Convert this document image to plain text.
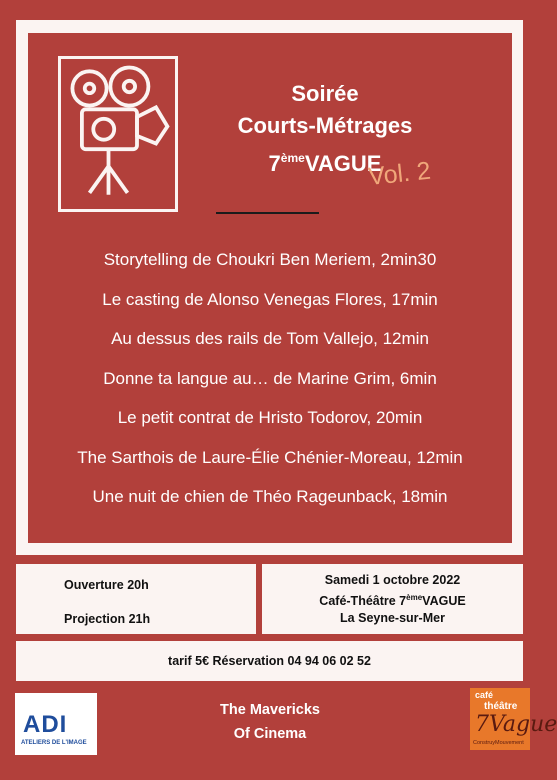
Soirée
Courts-Métrages
7èmeVAGUE
Vol. 2
Storytelling de Choukri Ben Meriem, 2min30
Le casting de Alonso Venegas Flores, 17min
Au dessus des rails de Tom Vallejo, 12min
Donne ta langue au… de Marine Grim, 6min
Le petit contrat de Hristo Todorov, 20min
The Sarthois de Laure-Élie Chénier-Moreau, 12min
Une nuit de chien de Théo Rageunback, 18min
Ouverture 20h
Projection 21h
Samedi 1 octobre 2022
Café-Théâtre 7èmeVAGUE
La Seyne-sur-Mer
tarif 5€ Réservation 04 94 06 02 52
ADI
ATELIERS DE L'IMAGE
The Mavericks
Of Cinema
café
théâtre
7Vague
ConstruyMouvement
